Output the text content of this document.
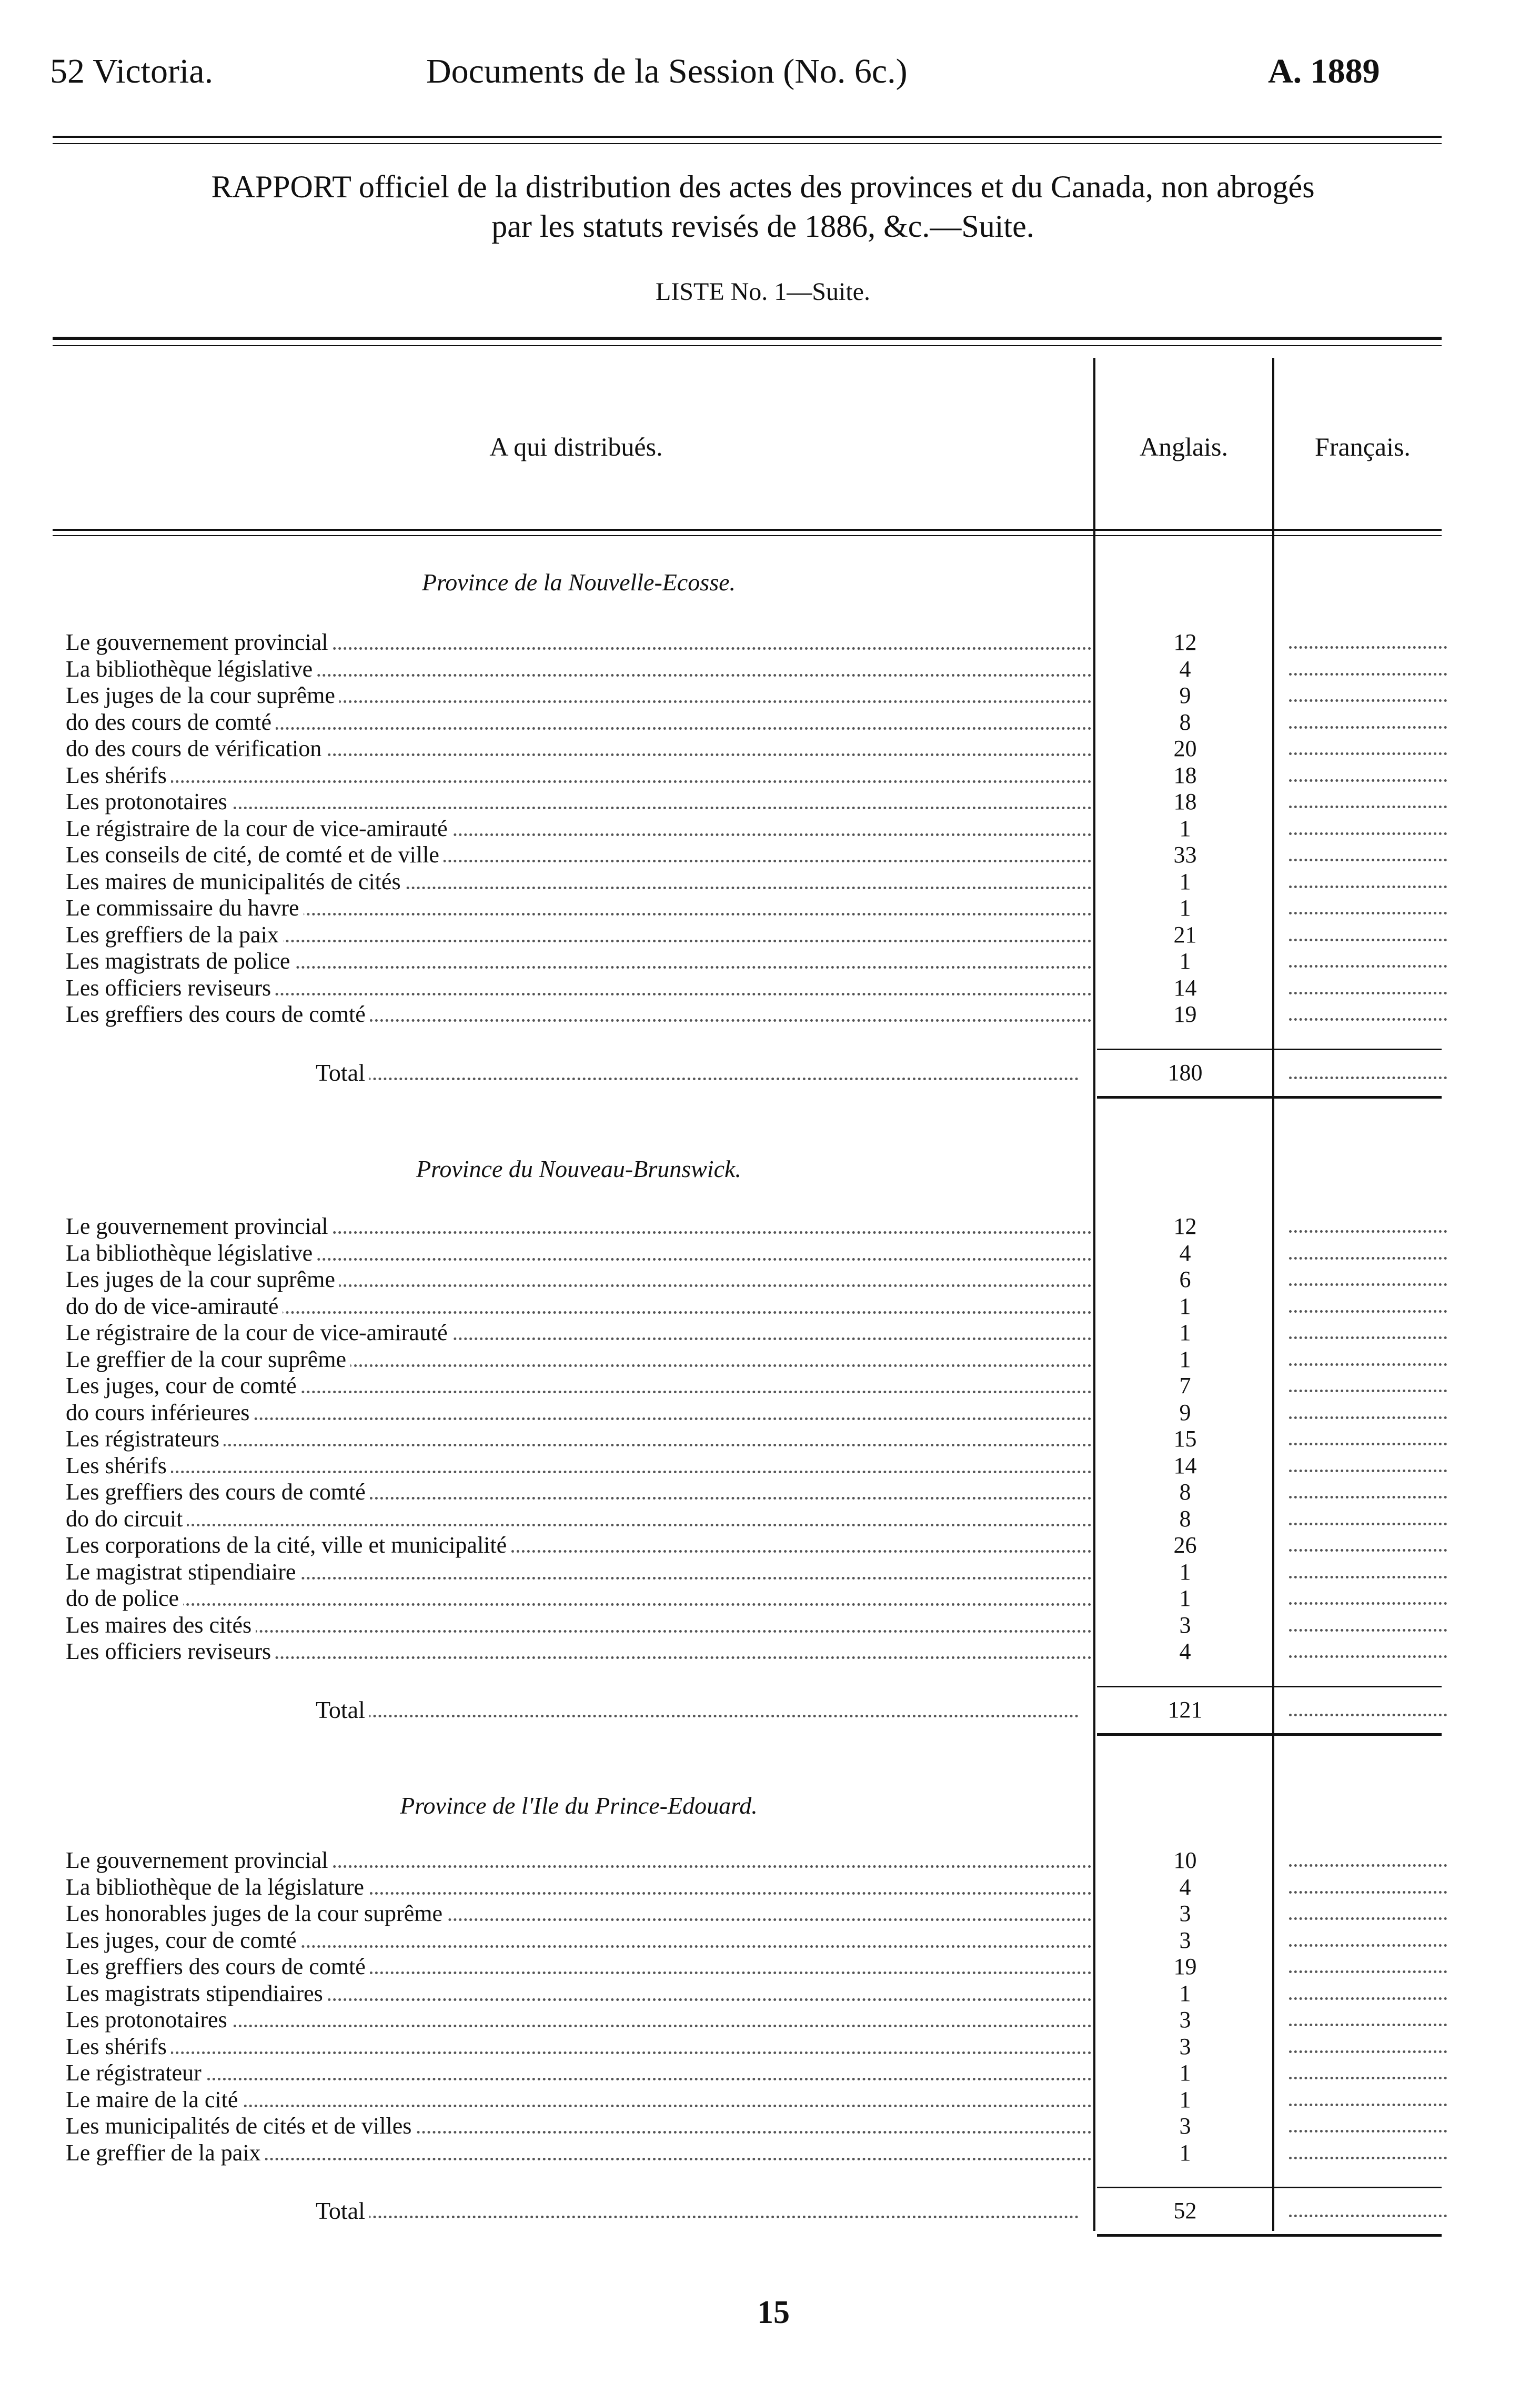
52 Victoria.	Documents de la Session (No. 6c.)	A. 1889
RAPPORT officiel de la distribution des actes des provinces et du Canada, non abrogés
par les statuts revisés de 1886, &c.—Suite.
LISTE No. 1—Suite.
A qui distribués.	Anglais.	Français.
Province de la Nouvelle-Ecosse.
Le gouvernement provincial	12
La bibliothèque législative	4
Les juges de la cour suprême	9
do des cours de comté	8
do des cours de vérification	20
Les shérifs	18
Les protonotaires	18
Le régistraire de la cour de vice-amirauté	1
Les conseils de cité, de comté et de ville	33
Les maires de municipalités de cités	1
Le commissaire du havre	1
Les greffiers de la paix	21
Les magistrats de police	1
Les officiers reviseurs	14
Les greffiers des cours de comté	19
Total	180
Province du Nouveau-Brunswick.
Le gouvernement provincial	12
La bibliothèque législative	4
Les juges de la cour suprême	6
do do de vice-amirauté	1
Le régistraire de la cour de vice-amirauté	1
Le greffier de la cour suprême	1
Les juges, cour de comté	7
do cours inférieures	9
Les régistrateurs	15
Les shérifs	14
Les greffiers des cours de comté	8
do do circuit	8
Les corporations de la cité, ville et municipalité	26
Le magistrat stipendiaire	1
do de police	1
Les maires des cités	3
Les officiers reviseurs	4
Total	121
Province de l'Ile du Prince-Edouard.
Le gouvernement provincial	10
La bibliothèque de la législature	4
Les honorables juges de la cour suprême	3
Les juges, cour de comté	3
Les greffiers des cours de comté	19
Les magistrats stipendiaires	1
Les protonotaires	3
Les shérifs	3
Le régistrateur	1
Le maire de la cité	1
Les municipalités de cités et de villes	3
Le greffier de la paix	1
Total	52
15
